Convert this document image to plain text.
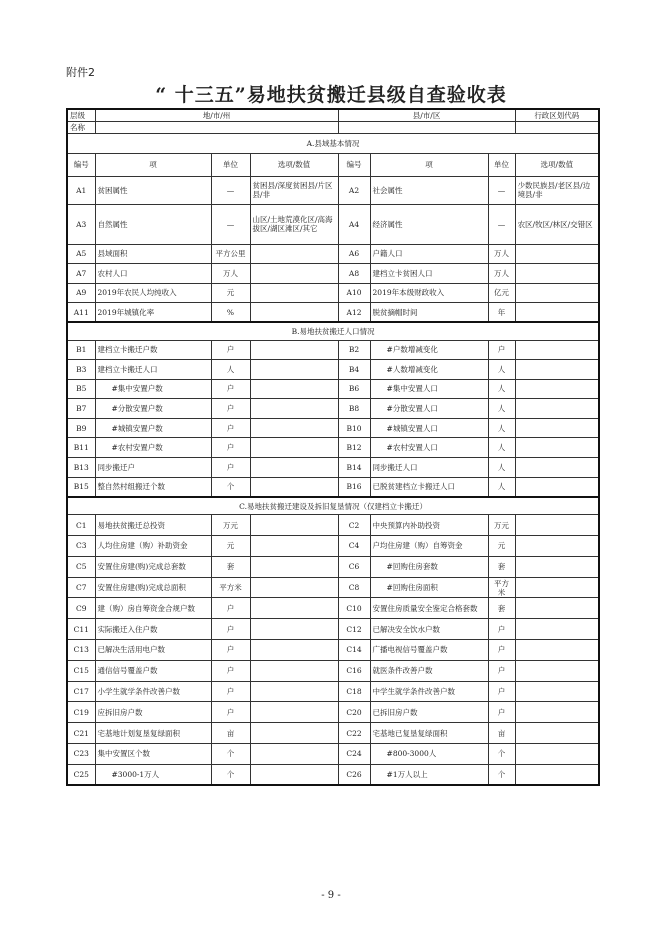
附件2
“ 十三五”易地扶贫搬迁县级自查验收表
层级	地/市/州			县/市/区			行政区划代码
名称							
A.县域基本情况							
编号	项	单位	选项/数值	编号	项	单位	选项/数值
A1	贫困属性	—	贫困县/深度贫困县/片区县/非	A2	社会属性	—	少数民族县/老区县/边境县/非
A3	自然属性	—	山区/土地荒漠化区/高海拔区/湖区滩区/其它	A4	经济属性	—	农区/牧区/林区/交错区
A5	县域面积	平方公里		A6	户籍人口	万人	
A7	农村人口	万人		A8	建档立卡贫困人口	万人	
A9	2019年农民人均纯收入	元		A10	2019年本级财政收入	亿元	
A11	2019年城镇化率	%		A12	脱贫摘帽时间	年	
B.易地扶贫搬迁人口情况							
B1	建档立卡搬迁户数	户		B2	#户数增减变化	户	
B3	建档立卡搬迁人口	人		B4	#人数增减变化	人	
B5	#集中安置户数	户		B6	#集中安置人口	人	
B7	#分散安置户数	户		B8	#分散安置人口	人	
B9	#城镇安置户数	户		B10	#城镇安置人口	人	
B11	#农村安置户数	户		B12	#农村安置人口	人	
B13	同步搬迁户	户		B14	同步搬迁人口	人	
B15	整自然村组搬迁个数	个		B16	已脱贫建档立卡搬迁人口	人	
C.易地扶贫搬迁建设及拆旧复垦情况（仅建档立卡搬迁）							
C1	易地扶贫搬迁总投资	万元		C2	中央预算内补助投资	万元	
C3	人均住房建（购）补助资金	元		C4	户均住房建（购）自筹资金	元	
C5	安置住房建(购)完成总套数	套		C6	#回购住房套数	套	
C7	安置住房建(购)完成总面积	平方米		C8	#回购住房面积	平方米	
C9	建（购）房自筹资金合规户数	户		C10	安置住房质量安全鉴定合格套数	套	
C11	实际搬迁入住户数	户		C12	已解决安全饮水户数	户	
C13	已解决生活用电户数	户		C14	广播电视信号覆盖户数	户	
C15	通信信号覆盖户数	户		C16	就医条件改善户数	户	
C17	小学生就学条件改善户数	户		C18	中学生就学条件改善户数	户	
C19	应拆旧房户数	户		C20	已拆旧房户数	户	
C21	宅基地计划复垦复绿面积	亩		C22	宅基地已复垦复绿面积	亩	
C23	集中安置区个数	个		C24	#800-3000人	个	
C25	#3000-1万人	个		C26	#1万人以上	个	
- 9 -
